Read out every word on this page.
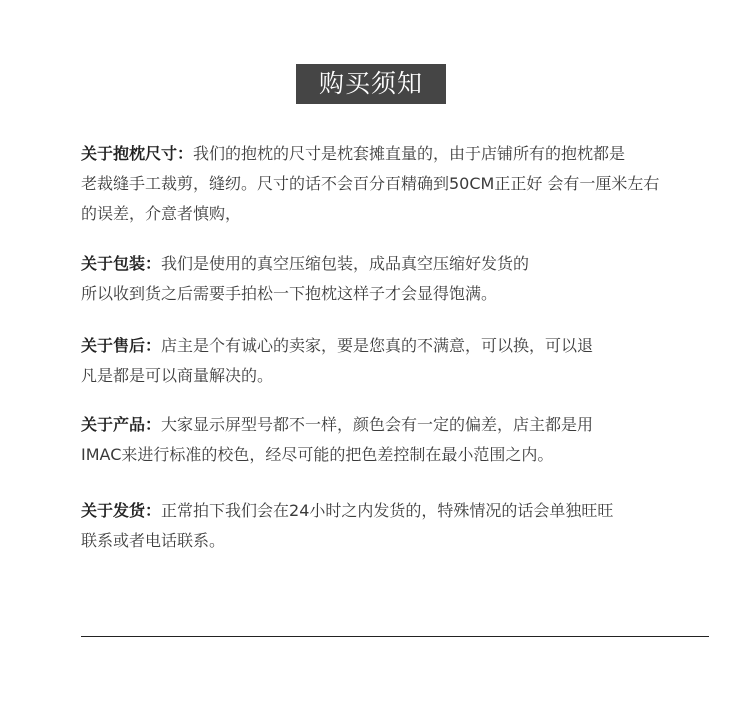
购买须知
关于抱枕尺寸：我们的抱枕的尺寸是枕套摊直量的，由于店铺所有的抱枕都是
老裁缝手工裁剪，缝纫。尺寸的话不会百分百精确到50CM正正好 会有一厘米左右
的误差，介意者慎购，
关于包装：我们是使用的真空压缩包装，成品真空压缩好发货的
所以收到货之后需要手拍松一下抱枕这样子才会显得饱满。
关于售后：店主是个有诚心的卖家，要是您真的不满意，可以换，可以退
凡是都是可以商量解决的。
关于产品：大家显示屏型号都不一样，颜色会有一定的偏差，店主都是用
IMAC来进行标准的校色，经尽可能的把色差控制在最小范围之内。
关于发货：正常拍下我们会在24小时之内发货的，特殊情况的话会单独旺旺
联系或者电话联系。
